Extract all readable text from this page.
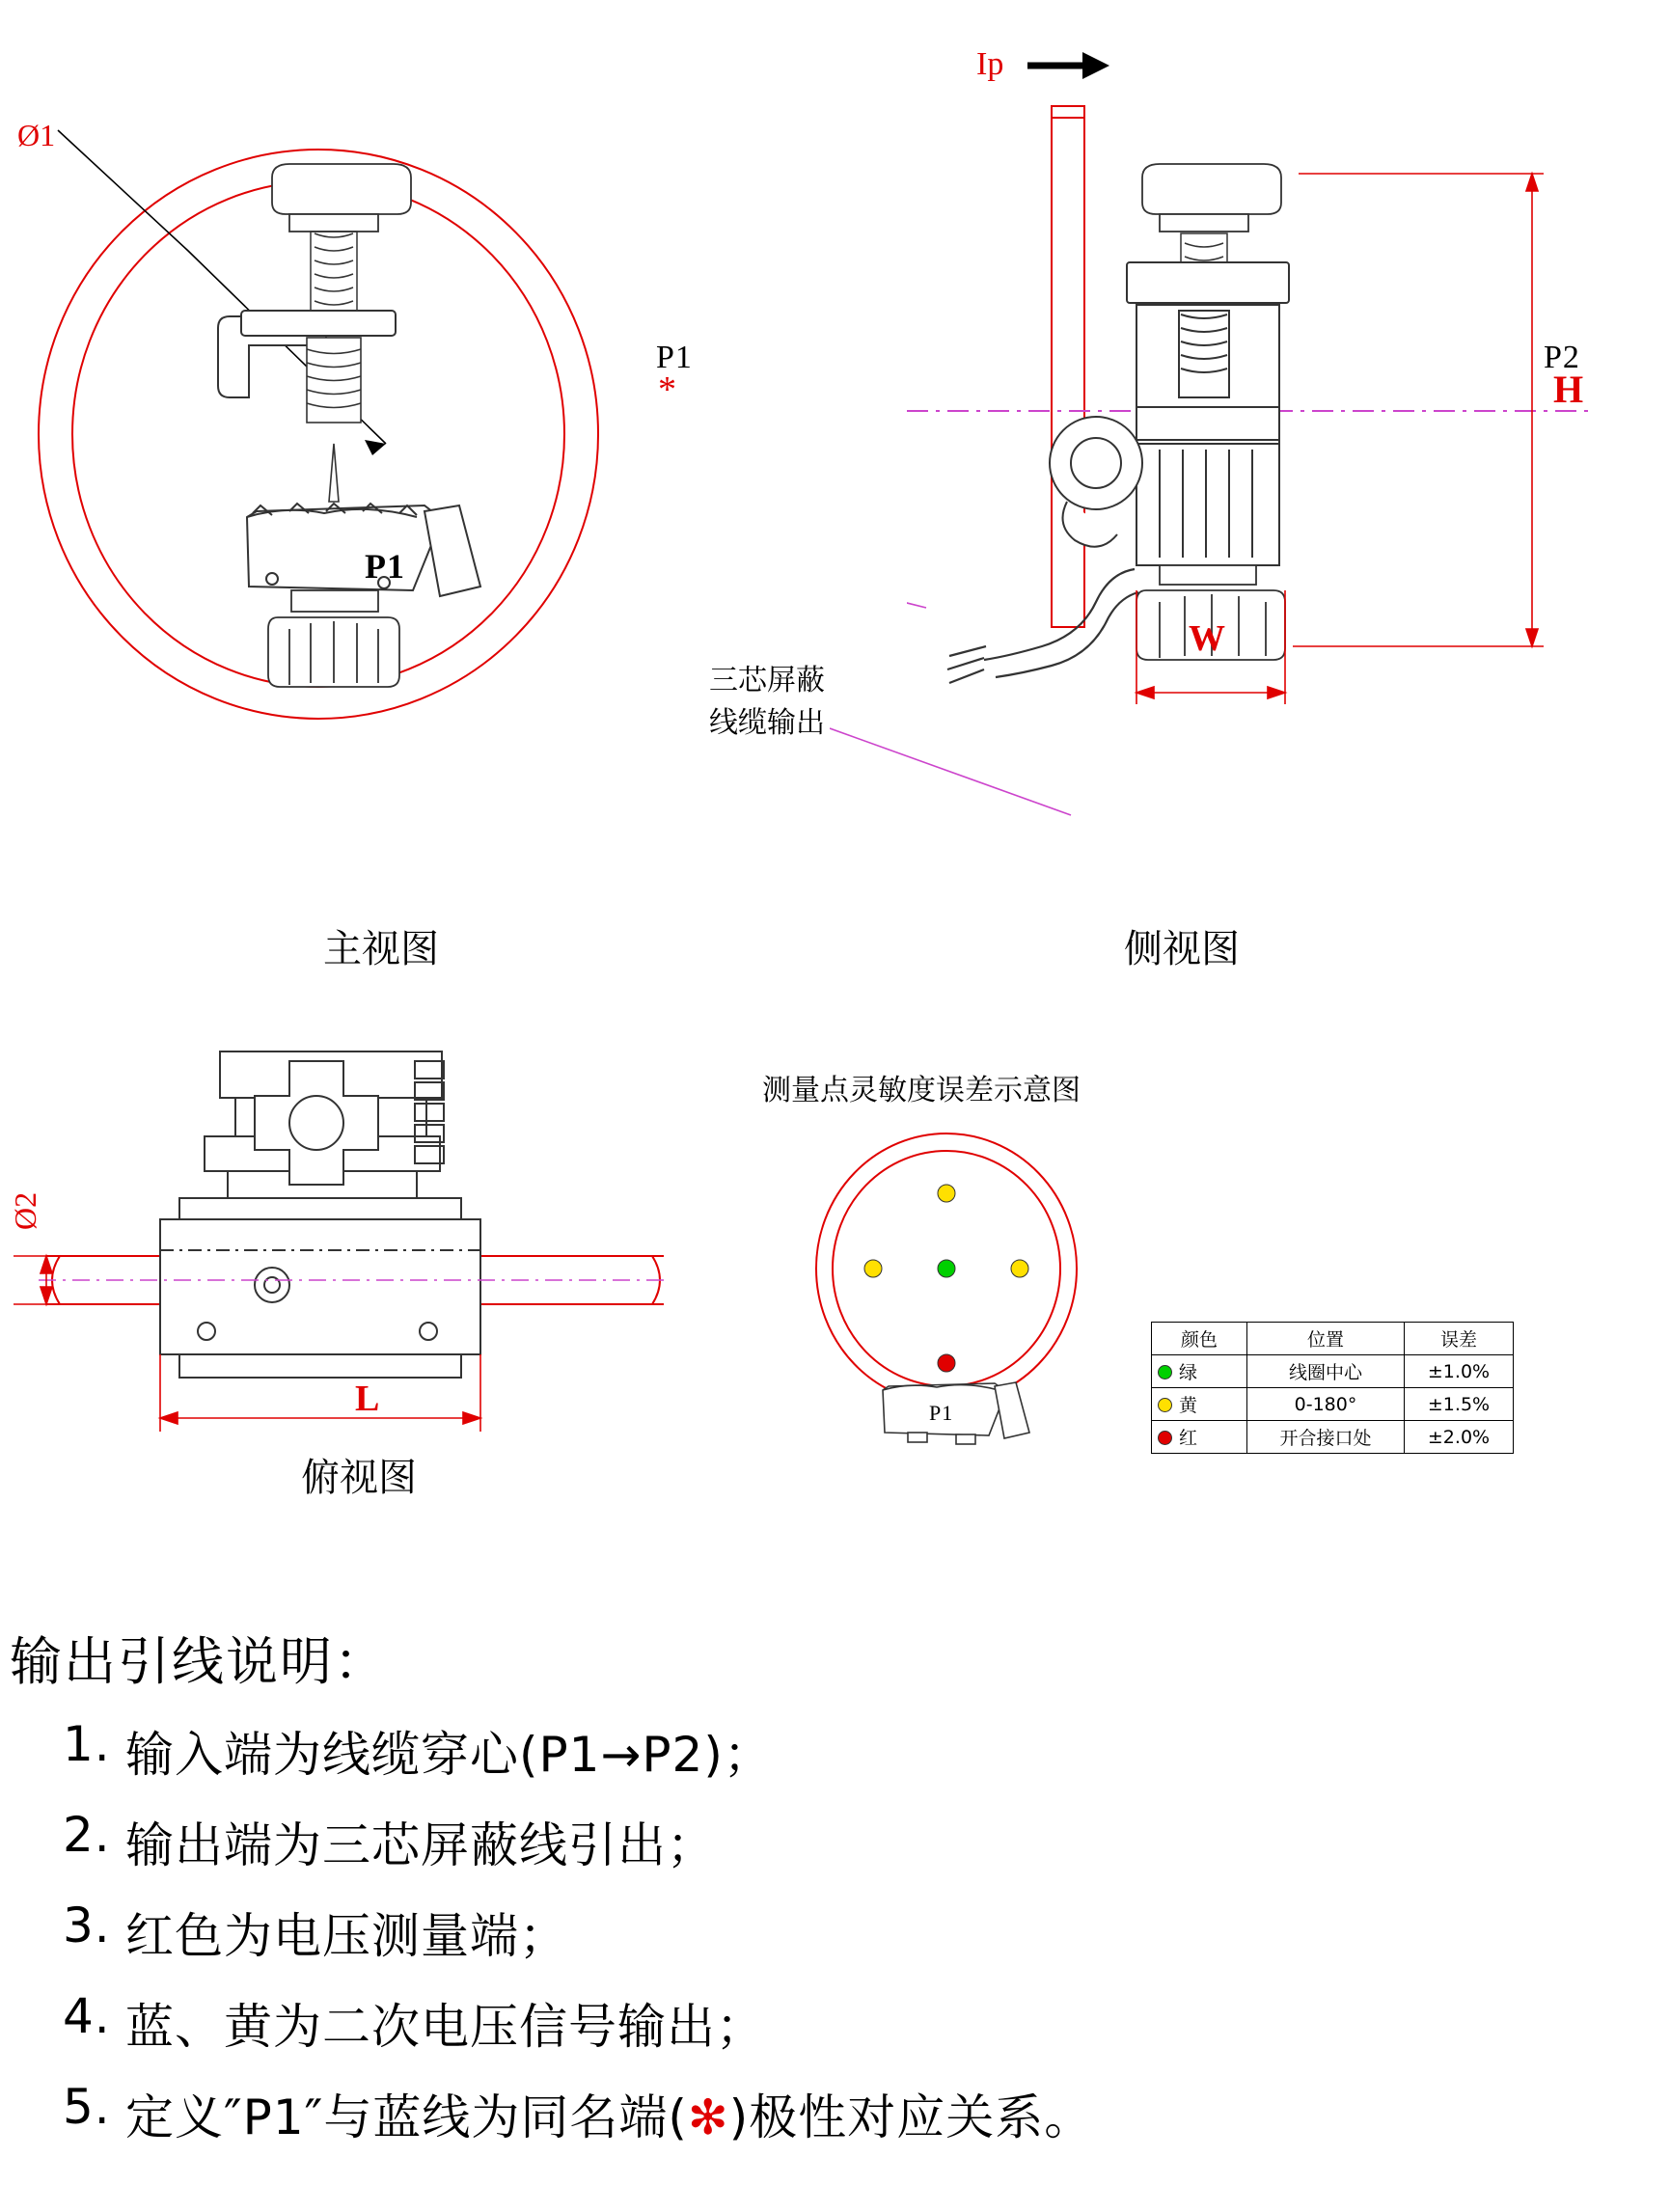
Ø1
P1
主视图
Ip
P1	P2
*	H
W
三芯屏蔽
线缆输出
侧视图
Ø2
L
俯视图
测量点灵敏度误差示意图
P1
颜色	位置	误差
绿	线圈中心	±1.0%
黄	0-180°	±1.5%
红	开合接口处	±2.0%
输出引线说明：
1. 输入端为线缆穿心(P1→P2)；
2. 输出端为三芯屏蔽线引出；
3. 红色为电压测量端；
4. 蓝、黄为二次电压信号输出；
5. 定义″P1″与蓝线为同名端(✻)极性对应关系。
